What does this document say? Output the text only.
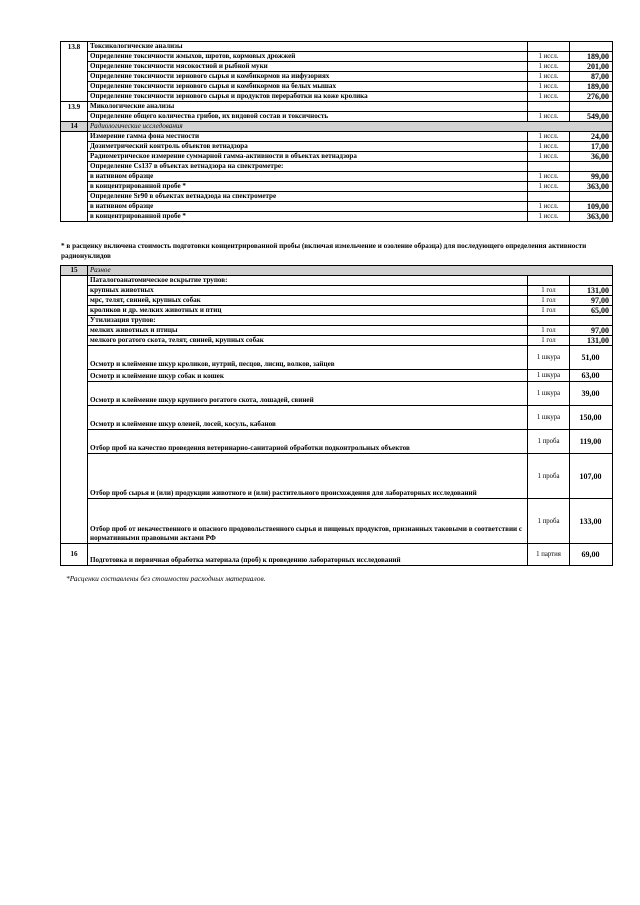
13.8	Токсикологические анализы		
	Определение токсичности жмыхов, шротов, кормовых дрожжей	1 иссл.	189,00
	Определение токсичности мясокостной и рыбной муки	1 иссл.	201,00
	Определение токсичности зернового сырья и комбикормов на инфузориях	1 иссл.	87,00
	Определение токсичности зернового сырья и комбикормов на белых мышах	1 иссл.	189,00
	Определение токсичности зернового сырья и продуктов переработки на коже кролика	1 иссл.	276,00
13.9	Микологические анализы		
	Определение общего количества грибов, их видовой состав и токсичность	1 иссл.	549,00
14	Радиологические исследования		
	Измерение гамма фона местности	1 иссл.	24,00
	Дозиметрический контроль объектов ветнадзора	1 иссл.	17,00
	Радиометрическое измерение суммарной гамма-активности в объектах ветнадзора	1 иссл.	36,00
	Определение Cs137 в объектах ветнадзора на спектрометре:		
	в нативном образце	1 иссл.	99,00
	в концентрированной пробе *	1 иссл.	363,00
	Определение Sr90 в объектах ветнадзода на спектрометре		
	в нативном образце	1 иссл.	109,00
	в концентрированной пробе *	1 иссл.	363,00

* в расценку включена стоимость подготовки концентрированной пробы (включая измельчение и озоление образца) для последующего определения активности радионуклидов

15	Разное		
	Паталогоанатомическое вскрытие трупов:		
	крупных животных	1 гол	131,00
	мрс, телят, свиней, крупных собак	1 гол	97,00
	кроликов и др. мелких животных и птиц	1 гол	65,00
	Утилизация трупов:		
	мелких животных и птицы	1 гол	97,00
	мелкого рогатого скота, телят, свиней, крупных собак	1 гол	131,00
	Осмотр и клеймение шкур кроликов, нутрий, песцов, лисиц, волков, зайцев	1 шкура	51,00
	Осмотр и клеймение шкур собак и кошек	1 шкура	63,00
	Осмотр и клеймение шкур крупного рогатого скота, лошадей, свиней	1 шкура	39,00
	Осмотр и клеймение шкур оленей, лосей, косуль, кабанов	1 шкура	150,00
	Отбор проб на качество проведения ветеринарно-санитарной обработки подконтрольных объектов	1 проба	119,00
	Отбор проб сырья и (или) продукции животного и (или) растительного происхождения для лабораторных исследований	1 проба	107,00
	Отбор проб от некачественного и опасного продовольственного сырья и пищевых продуктов, признанных таковыми в соответствии с нормативными правовыми актами РФ	1 проба	133,00
16	Подготовка и первичная обработка материала (проб) к проведению лабораторных исследований	1 партия	69,00

*Расценки составлены без стоимости расходных материалов.
